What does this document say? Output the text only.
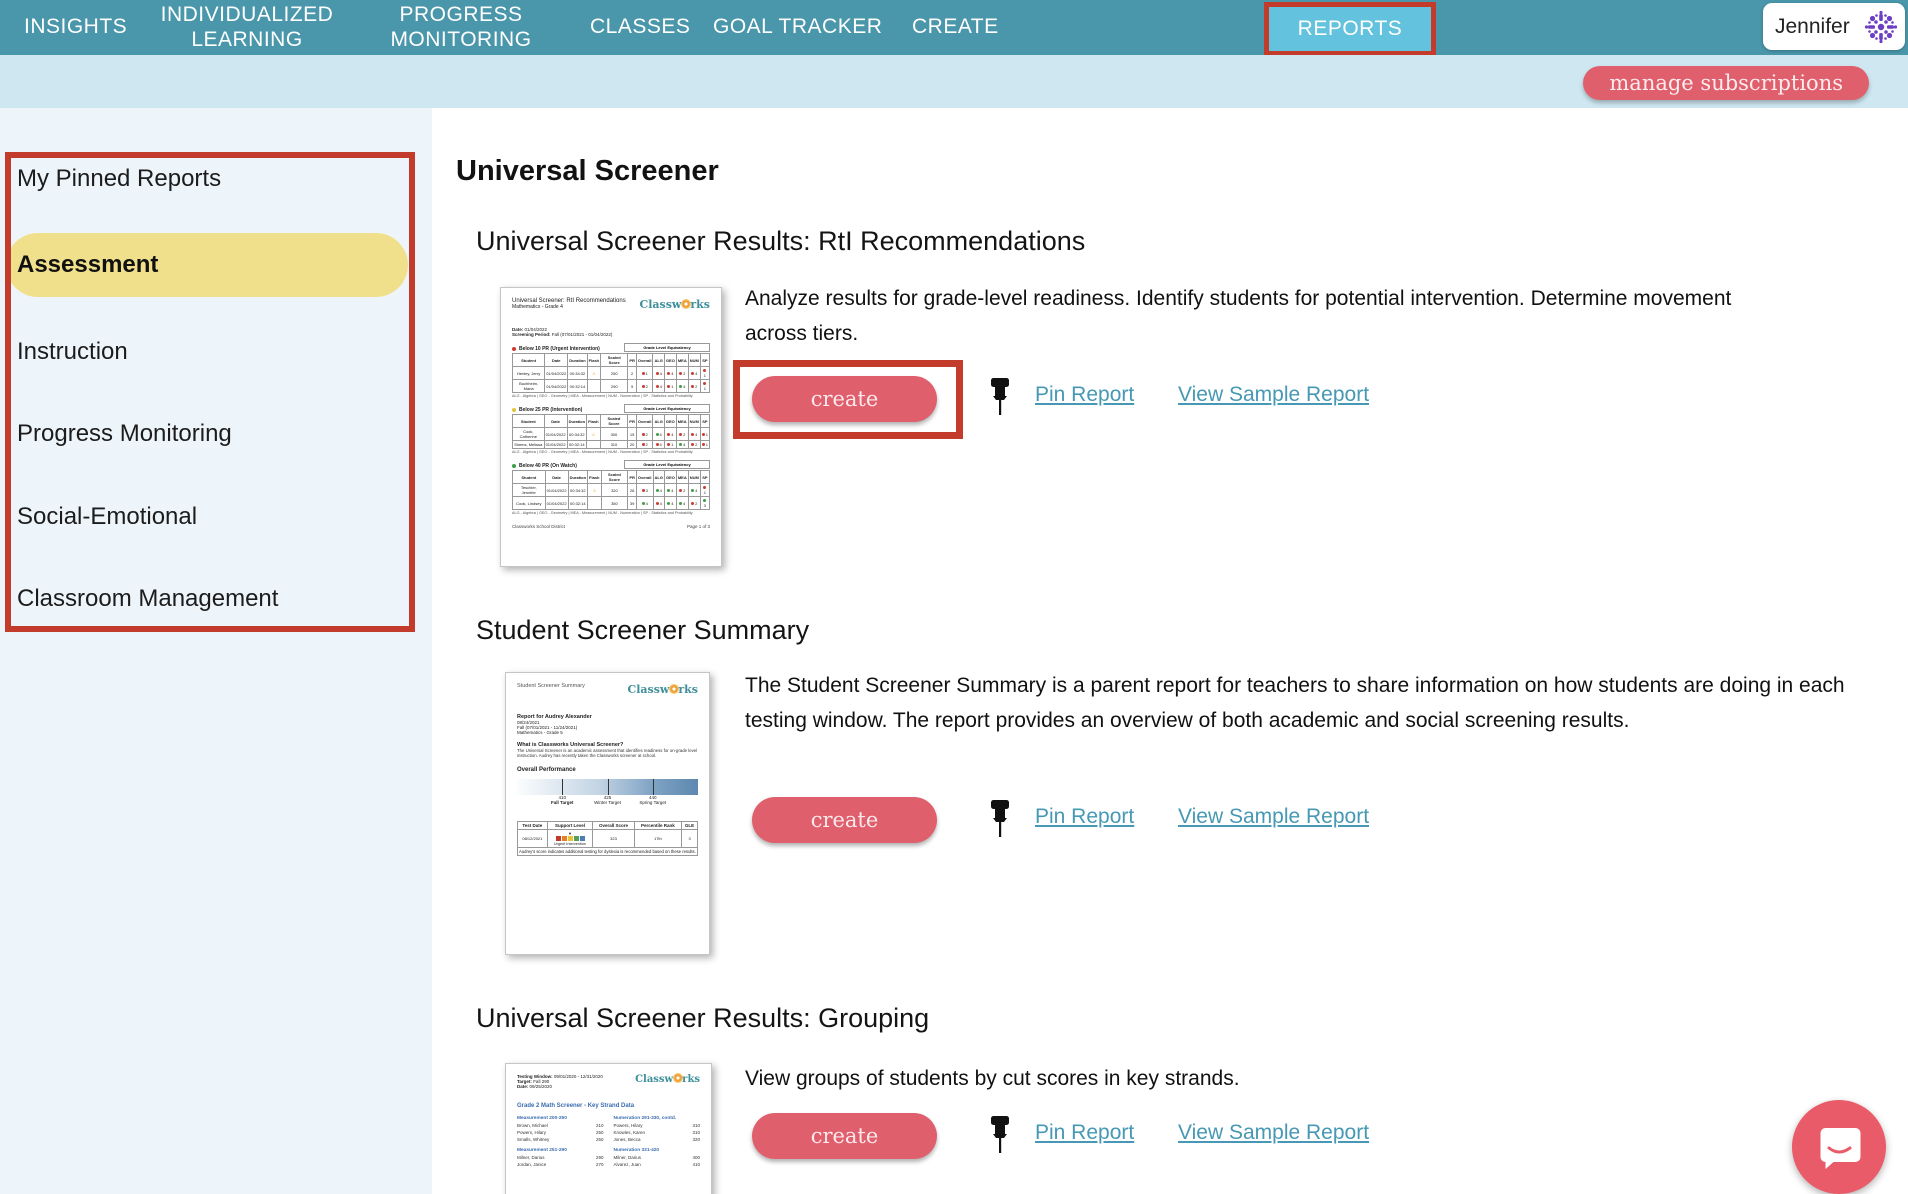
INSIGHTS
INDIVIDUALIZED LEARNING
PROGRESS MONITORING
CLASSES GOAL TRACKER CREATE	REPORTS	Jennifer
manage subscriptions
My Pinned Reports
Assessment
Instruction
Progress Monitoring
Social-Emotional
Classroom Management
Universal Screener
Universal Screener Results: RtI Recommendations
Universal Screener: RtI Recommendations
Mathematics - Grade 4	Classw rks
Date: 01/04/2022
Screening Period: Fall (07/01/2021 - 01/04/2022)
Below 10 PR (Urgent Intervention)	Grade Level Equivalency
Student	Date	Duration	Flash	Scaled Score	PR	Overall	ALG	GEO	MEA	NUM	SP
Henley, Jerry	01/04/2022	00:34:32	⚠	250	2	1	4	4	2	4	1
Buchheim, Maria	01/04/2022	00:32:14		290	9	2	4	1	4	2	1
ALG - Algebra | GEO - Geometry | MEA - Measurement | NUM - Numeration | SP - Statistics and Probability
Below 25 PR (Intervention)	Grade Level Equivalency
Student	Date	Duration	Flash	Scaled Score	PR	Overall	ALG	GEO	MEA	NUM	SP
Cook, Catherine	01/04/2022	00:34:32	⚠	300	15	2	4	4	2	4	1
Simms, Melissa	01/04/2022	00:32:14		310	20	2	4	1	4	2	1
ALG - Algebra | GEO - Geometry | MEA - Measurement | NUM - Numeration | SP - Statistics and Probability
Below 40 PR (On Watch)	Grade Level Equivalency
Student	Date	Duration	Flash	Scaled Score	PR	Overall	ALG	GEO	MEA	NUM	SP
Teschler, Jennifer	01/04/2022	00:34:32	⚠	320	26	3	4	4	2	4	1
Cook, Lindsey	01/04/2022	00:32:14		350	39	4	4	4	4	2	3
ALG - Algebra | GEO - Geometry | MEA - Measurement | NUM - Numeration | SP - Statistics and Probability
Classworks School District	Page 1 of 3
Analyze results for grade-level readiness. Identify students for potential intervention. Determine movement across tiers.
create	Pin Report View Sample Report
Student Screener Summary
Student Screener Summary	Classw rks
Report for Audrey Alexander
08/24/2021
Fall (07/01/2021 - 11/24/2021)
Mathematics - Grade 5
What is Classworks Universal Screener?
The Universal Screener is an academic assessment that identifies readiness for on-grade level instruction. Audrey has recently taken the Classworks screener at school.
Overall Performance
410
Fall Target
425
Winter Target
440
Spring Target
Test Date	Support Level	Overall Score	Percentile Rank	GLE
08/12/2021	▼
Urgent Intervention	323	17th	3
Audrey's score indicates additional testing for dyslexia is recommended based on these results.				
The Student Screener Summary is a parent report for teachers to share information on how students are doing in each testing window. The report provides an overview of both academic and social screening results.
create	Pin Report View Sample Report
Universal Screener Results: Grouping
Testing Window: 09/01/2020 - 12/31/2020
Target: Fall 290
Date: 09/25/2020
Classw rks
Grade 2 Math Screener - Key Strand Data
Measurement 200-250
Brown, Michael	210
Powers, Hilary	250
Smalls, Whitney	250
Numeration 291-330, contd.
Powers, Hilary	310
Knowles, Karen	310
Jones, Becca	320
Measurement 251-290
Milner, Darius	290
Jordan, Janice	270
Numeration 331-420
Milner, Darius	400
Alvarez, Juan	410
View groups of students by cut scores in key strands.
create	Pin Report View Sample Report
